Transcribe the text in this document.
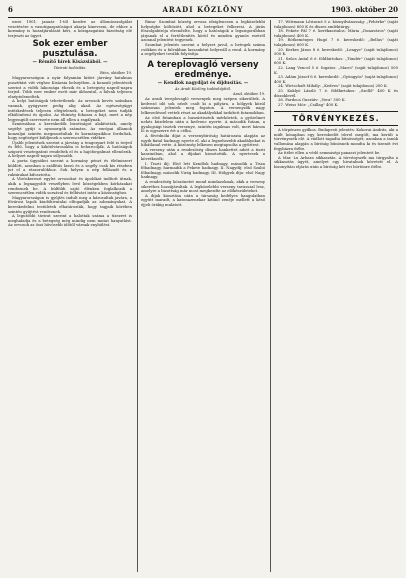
6	ARADI KÖZLÖNY	1903. október 20
ezrei 1901. január 1-től kezdve az állomásszolgálat vezetésére a vasutigazgatóságot akarja kinevezni, de ehhez a kormány is hozzájárulását kéri, a közigazgatási bizottság elé terjeszti az ügyet.
Sok ezer ember pusztulása.
— Rémítő hírek Kisázsiából. —
Távirati tudósítás.
Bécs, október 19.
Magyarországon a nyár folyamán kitört járvány hatalmas pusztítást vitt véghez Kisázsia belsejében. A konzuli jelentések szerint a vidék lakossága éhezik és a betegség napról-napra terjed. Több ezer ember esett már áldozatul, a falvak teljesen elnéptelenedtek.
A helyi hatóságok tehetetlenek. Az orvosok kevés számban vannak, gyógyszer pedig alig akad. Az egészségügyi intézkedések teljesen elégtelenek, a betegeket nem tudják elkülöníteni és ápolni. Az éhínség fokozza a bajt, mert a nép legyengült szervezete nem áll ellen a ragálynak.
Szmirnában a kereskedők bizottságot alakítottak, amely segélyt gyűjt a nyomorgók számára. Az európai államok konzuljai szintén megmozdultak és kormányaikhoz fordultak, hogy segítséget küldjenek a szerencsétlen vidékre.
Újabb jelentések szerint a járvány a tengerpart felé is terjed és félő, hogy a kikötővárosokba is behurcolják. A hatóságok szigorú vesztegzárat rendeltek el és a hajóforgalmat ellenőrzik. A helyzet napról-napra súlyosabb.
A porta ügynökei szerint a kormány pénzt és élelmiszert küldött, azonban a szállítás lassú és a segély csak kis részben jut el a rászorulókhoz. Sok helyen a nép fellázadt és a raktárakat kifosztotta.
A Vöröskereszt egylet orvosokat és ápolókat indított útnak, akik a legnagyobb veszélyben levő községekben kórházakat rendeznek be. A külföldi sajtó élénken foglalkozik a szerencsétlen vidék sorsával és felhívást intéz a közönséghez.
Magyarországon is gyűjtés indult meg a károsultak javára, a fővárosi lapok kiadóhivatalai elfogadják az adományokat. A kereskedelmi testületek elhatározták, hogy tagjaik körében szintén gyűjtést rendeznek.
A legutóbbi távirat szerint a halottak száma a tízezret is meghaladja és a betegség még mindig nem mutat hanyatlást. Az orvosok az őszi hűvösebb időtől várnak enyhülést.
Rima- Szombat község orvosa ideiglenesen a legközelebbi helységbe költözött, ahol a betegeket felkeresi. A járás főszolgabírója elrendelte, hogy a hatóságok a legszigorúbban járjanak el a fertőtlenítés körül és minden gyanús esetről azonnal jelentést tegyenek.
Szombat jelentés szerint a helyzet javul, a betegek száma csökken és a falvakban lassanként helyreáll a rend. A kormány a segélyeket tovább folyósítja.
A tereplovagló verseny eredménye.
— Kendlok nagydíjat és díjdusítás. —
Az Aradi Közlöny tudósítójától.
Arad, október 19.
Az aradi tereplovagló versenyek meg szépen sikerültek. A kedvező idő sok nézőt csalt ki a pályára, a hölgyek közül számosan jelentek meg fogaton. A versenyzők nagy lelkesedéssel vettek részt az akadályokkal tarkított futamokban.
Az első futamban a huszártisztek mérkőztek, a győzelmet nehéz küzdelem után a kedvenc nyerte. A második futam, a gyalogsági tisztek versenye, szintén izgalmas volt, mert három ló is egyszerre ért a célba.
A fővédnöki díjat a versenybíróság határozata alapján az egyik fiatal hadnagy nyerte el, aki a legnehezebb akadályokat is hibátlanul vette. A közönség lelkesen megtapsolta a győztest.
A verseny után a rendezőség díszes bankettet adott a tiszti kaszinóban, ahol a díjakat kiosztották. A nyertesek a következők:
I. Tiszti díj: Első lett Kendlok hadnagy, második a Tisza főhadnagy, harmadik a Fekete hadnagy. II. Nagydíj: első Szabó főhadnagy, második Virág hadnagy. III. Hölgyek díja: első Nagy hadnagy.
A rendezőség köszönetet mond mindazoknak, akik a verseny sikeréhez hozzájárultak. A legközelebbi verseny tavasszal lesz, amelyre a bizottság már most megkezdte az előkészületeket.
A díjak kiosztása után a társaság kedélyes hangulatban együtt maradt, a katonazenekar kitűnő zenéje mellett a késő éjjeli órákig mulatott.
17. Wittmann Lőrincné 5 z. köznyilvánosság: „Fehérke" (saját tulajdonos) 600 K és díszes emléktárgy.
18. Fekete Pál 7 é. kerékasztalos: Mária „Dunaváros" (saját tulajdonos) 400 K.
19. Rótkeményes Hugó 7 é. kereskedő: „Bellus" (saját tulajdonos) 600 K.
20. Kerkes János 8 é. kereskedő: „Lengye" (saját tulajdonos) 500 K.
21. Szűcs Antal 6 é. földbirtokos: „Tündér" (saját tulajdonos) 600 K.
22. Lang Vencel 5 é. fogatos: „Marci" (saját tulajdonos) 500 K.
23. Adám József 6 é. kereskedő: „Gyöngyös" (saját tulajdonos) 400 K.
24. Wirtschaft Mihály: „Kedves" (saját tulajdonos) 200 K.
25. Kuklyó László 7 é. földbirtokos: „Szellő" 400 K és díszoklevél.
26. Pardoca Gusztáv: „Vera" 300 K.
27. Weiss Mór: „Csillag" 400 K.
TÖRVÉNYKEZÉS.
A tőrpénzes gyilkos. Budapesti jelentés: Kokovai András, aki a múlt hónapban egy kereskedőt tőrrel megölt, ma került a törvényszék elé. A vádlott tagadta bűnösségét, azonban a tanúk vallomása alapján a bíróság bűnösnek mondta ki és tizenöt évi fegyházra ítélte.
Az ítélet ellen a védő semmiségi panaszt jelentett be.
A Mar. Lu Arbara sikkasztás. A törvényszék ma tárgyalta a sikkasztás ügyét, amelyet egy hivatalnok követett el. A bizonyítási eljárás után a bíróság két évi börtönre ítélte.
